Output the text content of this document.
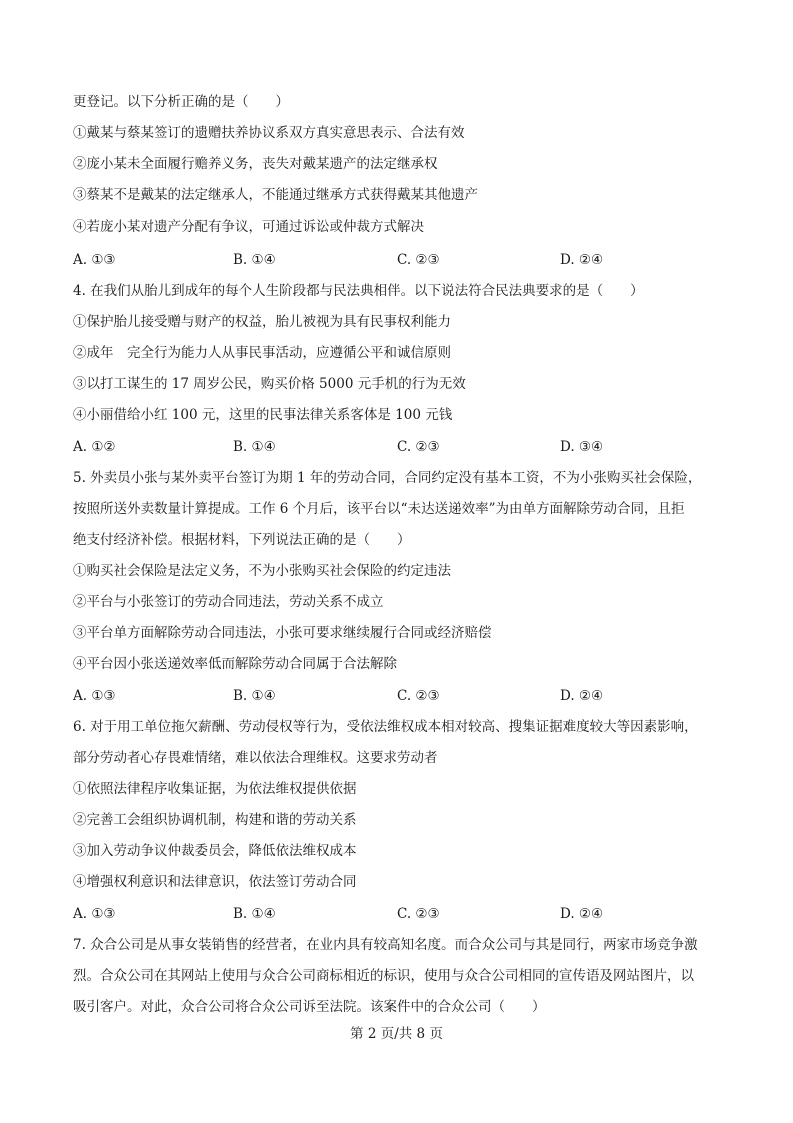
更登记。以下分析正确的是（　　）
①戴某与蔡某签订的遗赠扶养协议系双方真实意思表示、合法有效
②庞小某未全面履行赡养义务，丧失对戴某遗产的法定继承权
③蔡某不是戴某的法定继承人，不能通过继承方式获得戴某其他遗产
④若庞小某对遗产分配有争议，可通过诉讼或仲裁方式解决
A. ①③	B. ①④	C. ②③	D. ②④
4. 在我们从胎儿到成年的每个人生阶段都与民法典相伴。以下说法符合民法典要求的是（　　）
①保护胎儿接受赠与财产的权益，胎儿被视为具有民事权利能力
②成年　完全行为能力人从事民事活动，应遵循公平和诚信原则
③以打工谋生的 17 周岁公民，购买价格 5000 元手机的行为无效
④小丽借给小红 100 元，这里的民事法律关系客体是 100 元钱
A. ①②	B. ①④	C. ②③	D. ③④
5. 外卖员小张与某外卖平台签订为期 1 年的劳动合同，合同约定没有基本工资，不为小张购买社会保险，
按照所送外卖数量计算提成。工作 6 个月后，该平台以“未达送递效率”为由单方面解除劳动合同，且拒
绝支付经济补偿。根据材料，下列说法正确的是（　　）
①购买社会保险是法定义务，不为小张购买社会保险的约定违法
②平台与小张签订的劳动合同违法，劳动关系不成立
③平台单方面解除劳动合同违法，小张可要求继续履行合同或经济赔偿
④平台因小张送递效率低而解除劳动合同属于合法解除
A. ①③	B. ①④	C. ②③	D. ②④
6. 对于用工单位拖欠薪酬、劳动侵权等行为，受依法维权成本相对较高、搜集证据难度较大等因素影响，
部分劳动者心存畏难情绪，难以依法合理维权。这要求劳动者
①依照法律程序收集证据，为依法维权提供依据
②完善工会组织协调机制，构建和谐的劳动关系
③加入劳动争议仲裁委员会，降低依法维权成本
④增强权利意识和法律意识，依法签订劳动合同
A. ①③	B. ①④	C. ②③	D. ②④
7. 众合公司是从事女装销售的经营者，在业内具有较高知名度。而合众公司与其是同行，两家市场竞争激
烈。合众公司在其网站上使用与众合公司商标相近的标识，使用与众合公司相同的宣传语及网站图片，以
吸引客户。对此，众合公司将合众公司诉至法院。该案件中的合众公司（　　）
第 2 页/共 8 页
